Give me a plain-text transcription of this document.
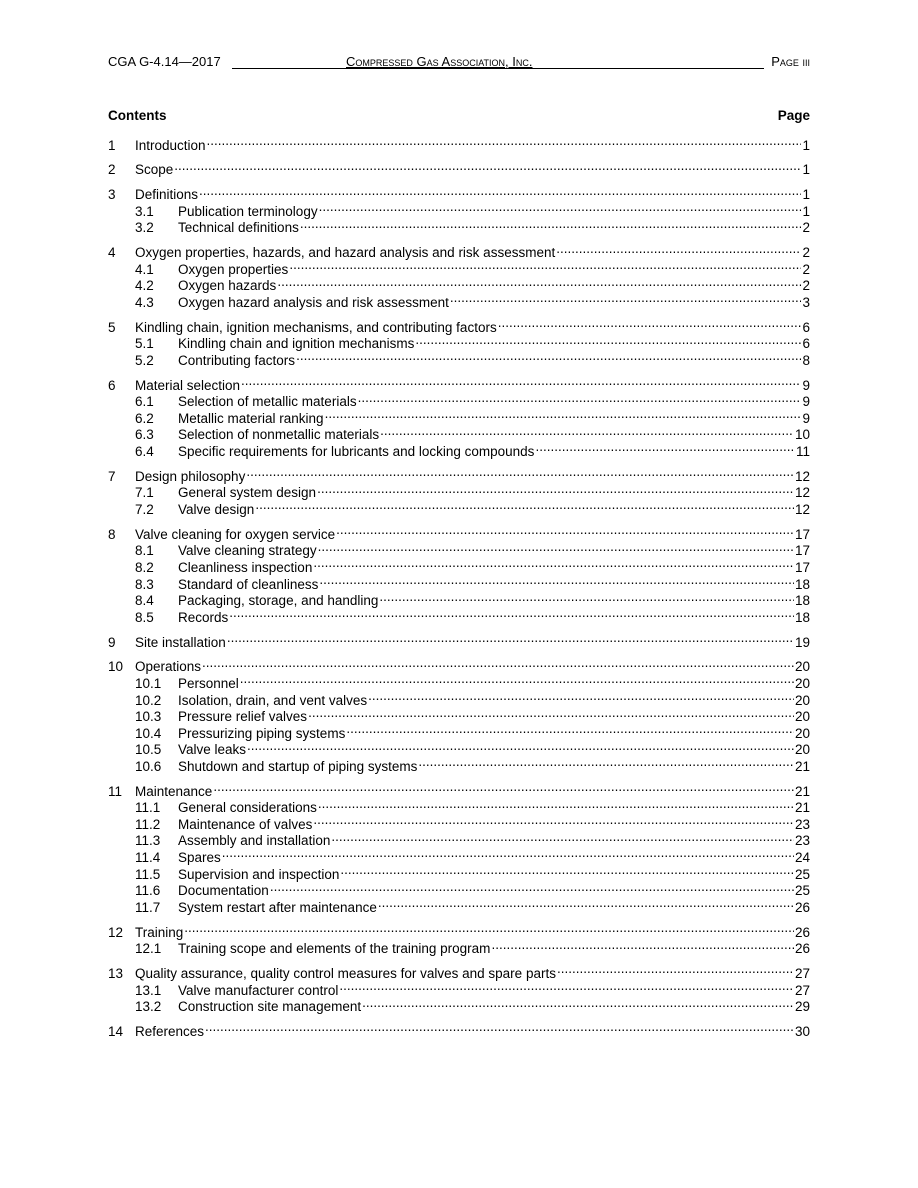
CGA G-4.14—2017	Compressed Gas Association, Inc.	Page iii
Contents	Page
1	Introduction .....	1
2	Scope .....	1
3	Definitions .....	1
3.1	Publication terminology .....	1
3.2	Technical definitions .....	2
4	Oxygen properties, hazards, and hazard analysis and risk assessment .....	2
4.1	Oxygen properties .....	2
4.2	Oxygen hazards .....	2
4.3	Oxygen hazard analysis and risk assessment .....	3
5	Kindling chain, ignition mechanisms, and contributing factors .....	6
5.1	Kindling chain and ignition mechanisms .....	6
5.2	Contributing factors .....	8
6	Material selection .....	9
6.1	Selection of metallic materials .....	9
6.2	Metallic material ranking .....	9
6.3	Selection of nonmetallic materials .....	10
6.4	Specific requirements for lubricants and locking compounds .....	11
7	Design philosophy .....	12
7.1	General system design .....	12
7.2	Valve design .....	12
8	Valve cleaning for oxygen service .....	17
8.1	Valve cleaning strategy .....	17
8.2	Cleanliness inspection .....	17
8.3	Standard of cleanliness .....	18
8.4	Packaging, storage, and handling .....	18
8.5	Records .....	18
9	Site installation .....	19
10 Operations .....	20
10.1	Personnel .....	20
10.2	Isolation, drain, and vent valves .....	20
10.3	Pressure relief valves .....	20
10.4	Pressurizing piping systems .....	20
10.5	Valve leaks .....	20
10.6	Shutdown and startup of piping systems .....	21
11 Maintenance .....	21
11.1	General considerations .....	21
11.2	Maintenance of valves .....	23
11.3	Assembly and installation .....	23
11.4	Spares .....	24
11.5	Supervision and inspection .....	25
11.6	Documentation .....	25
11.7	System restart after maintenance .....	26
12 Training .....	26
12.1	Training scope and elements of the training program .....	26
13 Quality assurance, quality control measures for valves and spare parts .....	27
13.1	Valve manufacturer control .....	27
13.2	Construction site management .....	29
14 References .....	30
